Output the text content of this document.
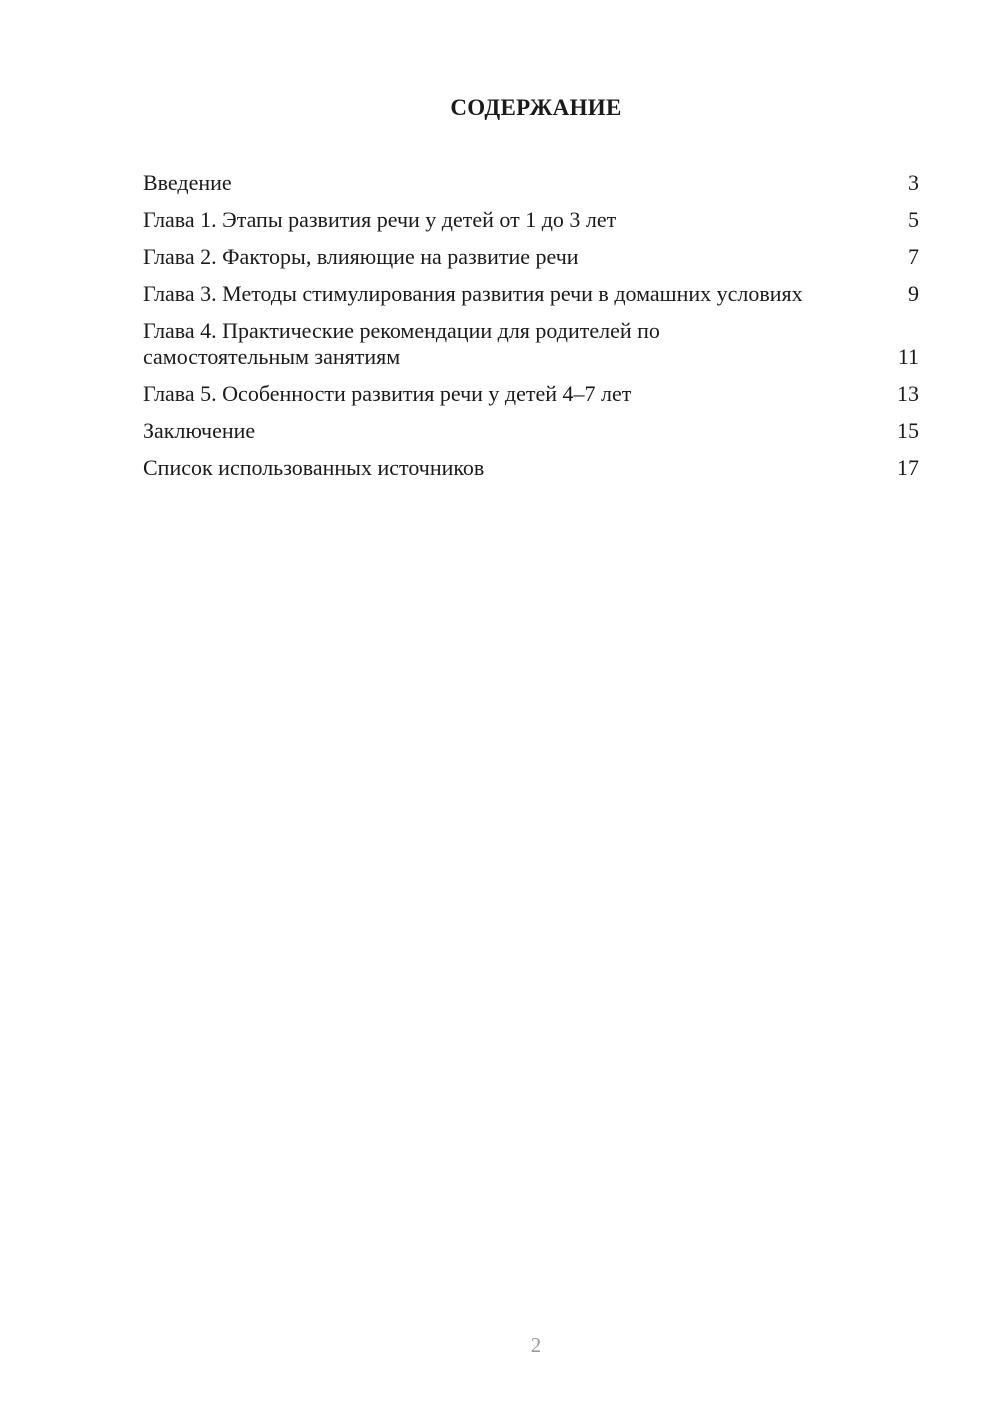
СОДЕРЖАНИЕ
Введение	3
Глава 1. Этапы развития речи у детей от 1 до 3 лет	5
Глава 2. Факторы, влияющие на развитие речи	7
Глава 3. Методы стимулирования развития речи в домашних условиях	9
Глава 4. Практические рекомендации для родителей по самостоятельным занятиям	11
Глава 5. Особенности развития речи у детей 4–7 лет	13
Заключение	15
Список использованных источников	17
2
